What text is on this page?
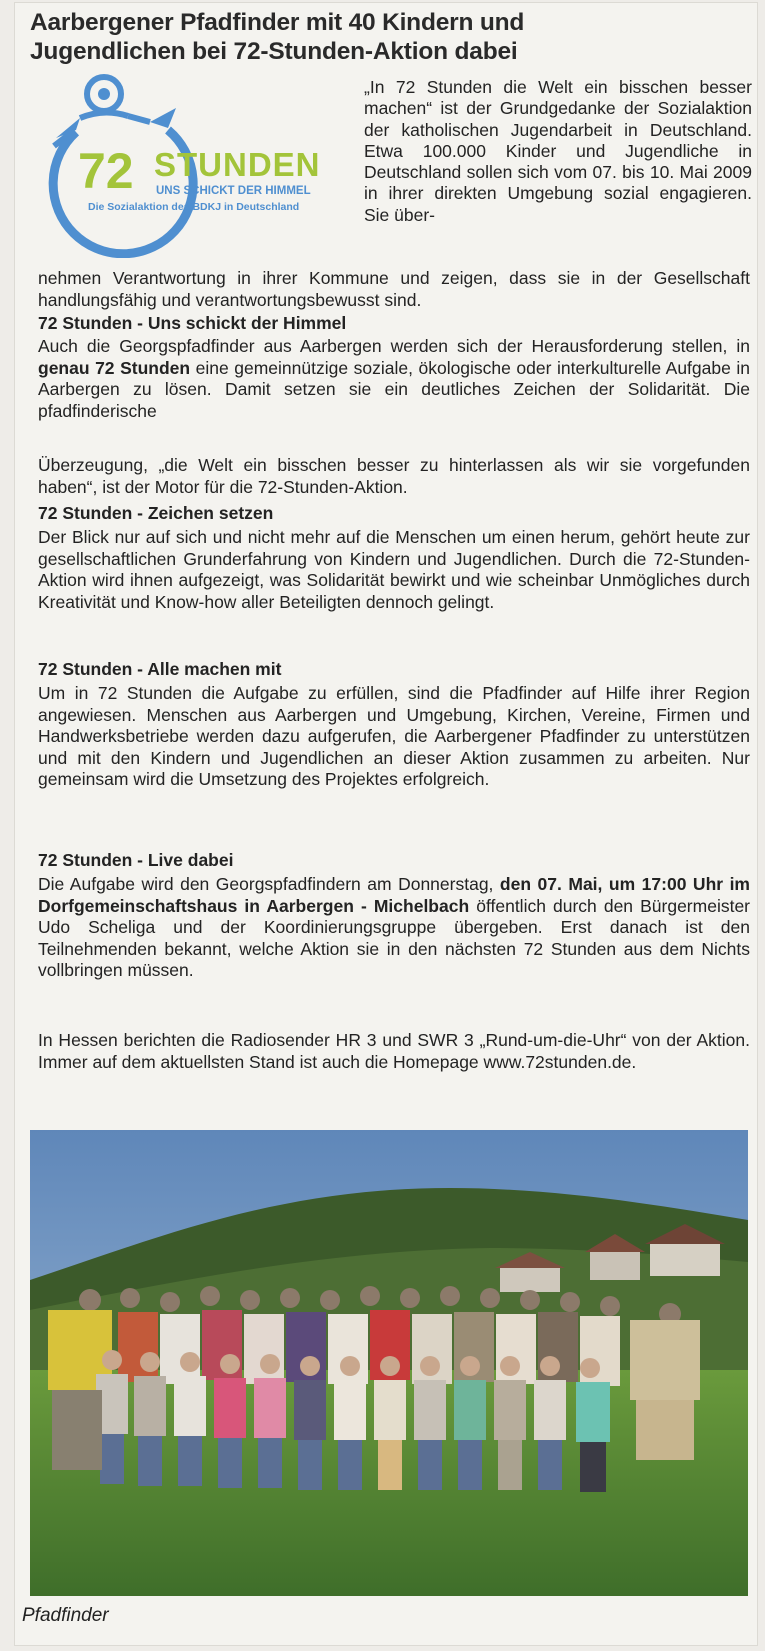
Aarbergener Pfadfinder mit 40 Kindern und
Jugendlichen bei 72-Stunden-Aktion dabei
72 STUNDEN
UNS SCHICKT DER HIMMEL
Die Sozialaktion des BDKJ in Deutschland

„In 72 Stunden die Welt ein bisschen besser machen“ ist der Grundgedanke der Sozialaktion der katholischen Jugendarbeit in Deutschland. Etwa 100.000 Kinder und Jugendliche in Deutschland sollen sich vom 07. bis 10. Mai 2009 in ihrer direkten Umgebung sozial engagieren. Sie über-

nehmen Verantwortung in ihrer Kommune und zeigen, dass sie in der Gesellschaft handlungsfähig und verantwortungsbewusst sind.

72 Stunden - Uns schickt der Himmel

Auch die Georgspfadfinder aus Aarbergen werden sich der Herausforderung stellen, in genau 72 Stunden eine gemeinnützige soziale, ökologische oder interkulturelle Aufgabe in Aarbergen zu lösen. Damit setzen sie ein deutliches Zeichen der Solidarität. Die pfadfinderische

Überzeugung, „die Welt ein bisschen besser zu hinterlassen als wir sie vorgefunden haben“, ist der Motor für die 72-Stunden-Aktion.

72 Stunden - Zeichen setzen

Der Blick nur auf sich und nicht mehr auf die Menschen um einen herum, gehört heute zur gesellschaftlichen Grunderfahrung von Kindern und Jugendlichen. Durch die 72-Stunden-Aktion wird ihnen aufgezeigt, was Solidarität bewirkt und wie scheinbar Unmögliches durch Kreativität und Know-how aller Beteiligten dennoch gelingt.

72 Stunden - Alle machen mit

Um in 72 Stunden die Aufgabe zu erfüllen, sind die Pfadfinder auf Hilfe ihrer Region angewiesen. Menschen aus Aarbergen und Umgebung, Kirchen, Vereine, Firmen und Handwerksbetriebe werden dazu aufgerufen, die Aarbergener Pfadfinder zu unterstützen und mit den Kindern und Jugendlichen an dieser Aktion zusammen zu arbeiten. Nur gemeinsam wird die Umsetzung des Projektes erfolgreich.

72 Stunden - Live dabei

Die Aufgabe wird den Georgspfadfindern am Donnerstag, den 07. Mai, um 17:00 Uhr im Dorfgemeinschaftshaus in Aarbergen - Michelbach öffentlich durch den Bürgermeister Udo Scheliga und der Koordinierungsgruppe übergeben. Erst danach ist den Teilnehmenden bekannt, welche Aktion sie in den nächsten 72 Stunden aus dem Nichts vollbringen müssen.

In Hessen berichten die Radiosender HR 3 und SWR 3 „Rund-um-die-Uhr“ von der Aktion. Immer auf dem aktuellsten Stand ist auch die Homepage www.72stunden.de.

Pfadfinder
